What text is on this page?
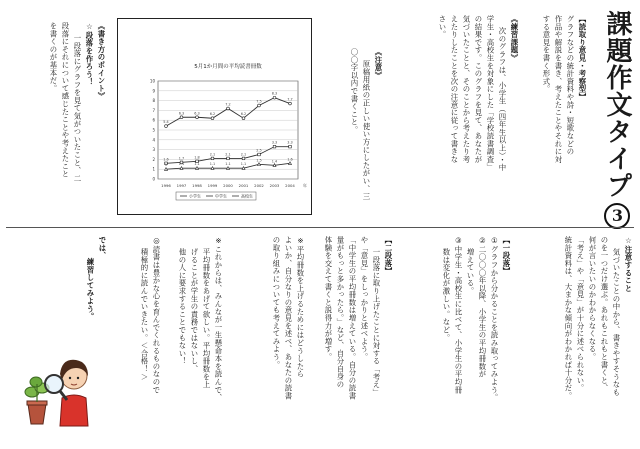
課題作文タイプ3
【読取り意見・考察型】
グラフなどの統計資料や詩・短歌などの
作品や解説を書き、考えたことやそれに対
する意見を書く形式。
《練習課題》
次のグラフは、小学生（四年生以上）・中
学生・高校生を対象にした「学校読書調査」
の結果です。このグラフを見て、あなたが
気づいたことと、そのことから考えたり考
えたりしたことを次の注意に従って書きな
さい。
《注意》
原稿用紙の正しい使い方にしたがい、三
〇〇字以内で書くこと。
《書き方のポイント》
☆段落を作ろう！
一段落にグラフを見て気がついたこと、二
段落にそれについて感じたことや考えたこと
を書くのが基本だ。	5月1か月間の平均読書冊数
0
1
2
3
4
5
6
7
8
9
10
1996 1997 1998 1999 2000 2001 2002 2003 2004 年
5.4
6.3	6.3	6.2
7.2
6.2
7.5
8.3
7.7
1.6	1.7	1.8
2.1	2.1	2.1
2.5
3.3	3.3
1	1.1	1.1	1.1	1.1	1.1
1.5	1.4	1.6
小学生	中学生	高校生
☆注意すること
気づいたことの中から、書きやすそうなも
のを一つだけ選ぶ。あれもこれもと書くと、
何が言いたいのかわからなくなる。
「考え」や「意見」が十分に述べられない。
統計資料は、大まかな傾向がわかれば十分だ。
【一段落】
①グラフから分かることを読み取ってみよう。
②二〇〇〇年以降、小学生の平均冊数が
増えている。
③中学生・高校生に比べて、小学生の平均冊
数は変化が激しい。など。
【二段落】
一段落に取り上げたことに対する「考え」
や「意見」をしっかりと述べよう。
「中学生の平均冊数は増えている。自分の読書
量がもっと多かったら。」など、自分自身の
体験を交えて書くと説得力が増す。
※平均冊数を上げるためにはどうしたら
よいか、自分なりの意見を述べ、あなたの読書
の取り組みについても考えてみよう。
※これからは、みんなが一生懸命本を読んで、
平均冊数をあげて欲しい。平均冊数を上
げることが学生の責務ではないし、
他の人に要求することでもない！
◎読書は豊かな心を育んでくれるものなので
積極的に読んでいきたい。＜合格！＞
では、
練習してみよう。
